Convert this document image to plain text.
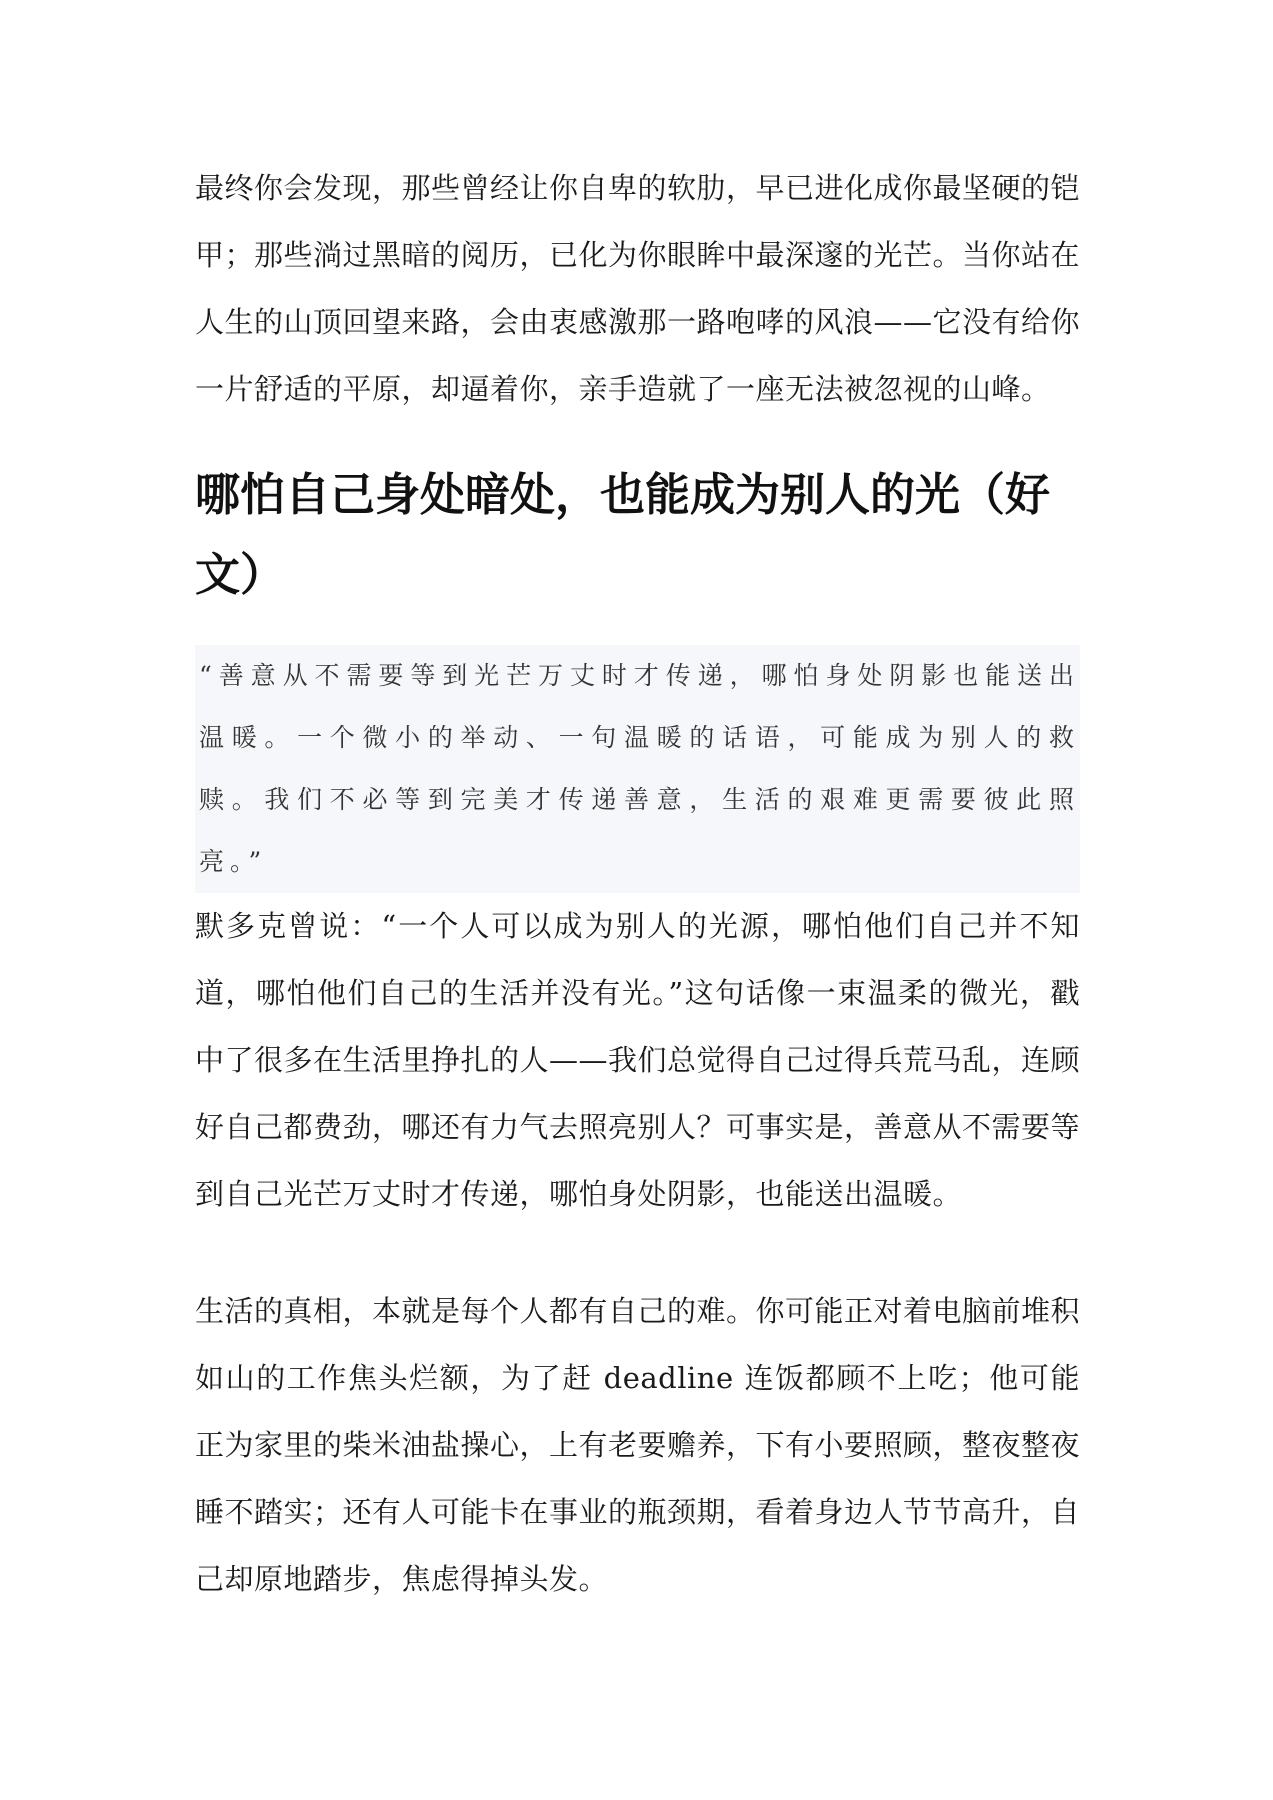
最终你会发现，那些曾经让你自卑的软肋，早已进化成你最坚硬的铠甲；那些淌过黑暗的阅历，已化为你眼眸中最深邃的光芒。当你站在人生的山顶回望来路，会由衷感激那一路咆哮的风浪——它没有给你一片舒适的平原，却逼着你，亲手造就了一座无法被忽视的山峰。

哪怕自己身处暗处，也能成为别人的光（好文）

“善意从不需要等到光芒万丈时才传递，哪怕身处阴影也能送出温暖。一个微小的举动、一句温暖的话语，可能成为别人的救赎。我们不必等到完美才传递善意，生活的艰难更需要彼此照亮。”

默多克曾说：“一个人可以成为别人的光源，哪怕他们自己并不知道，哪怕他们自己的生活并没有光。”这句话像一束温柔的微光，戳中了很多在生活里挣扎的人——我们总觉得自己过得兵荒马乱，连顾好自己都费劲，哪还有力气去照亮别人？可事实是，善意从不需要等到自己光芒万丈时才传递，哪怕身处阴影，也能送出温暖。

生活的真相，本就是每个人都有自己的难。你可能正对着电脑前堆积如山的工作焦头烂额，为了赶 deadline 连饭都顾不上吃；他可能正为家里的柴米油盐操心，上有老要赡养，下有小要照顾，整夜整夜睡不踏实；还有人可能卡在事业的瓶颈期，看着身边人节节高升，自己却原地踏步，焦虑得掉头发。
